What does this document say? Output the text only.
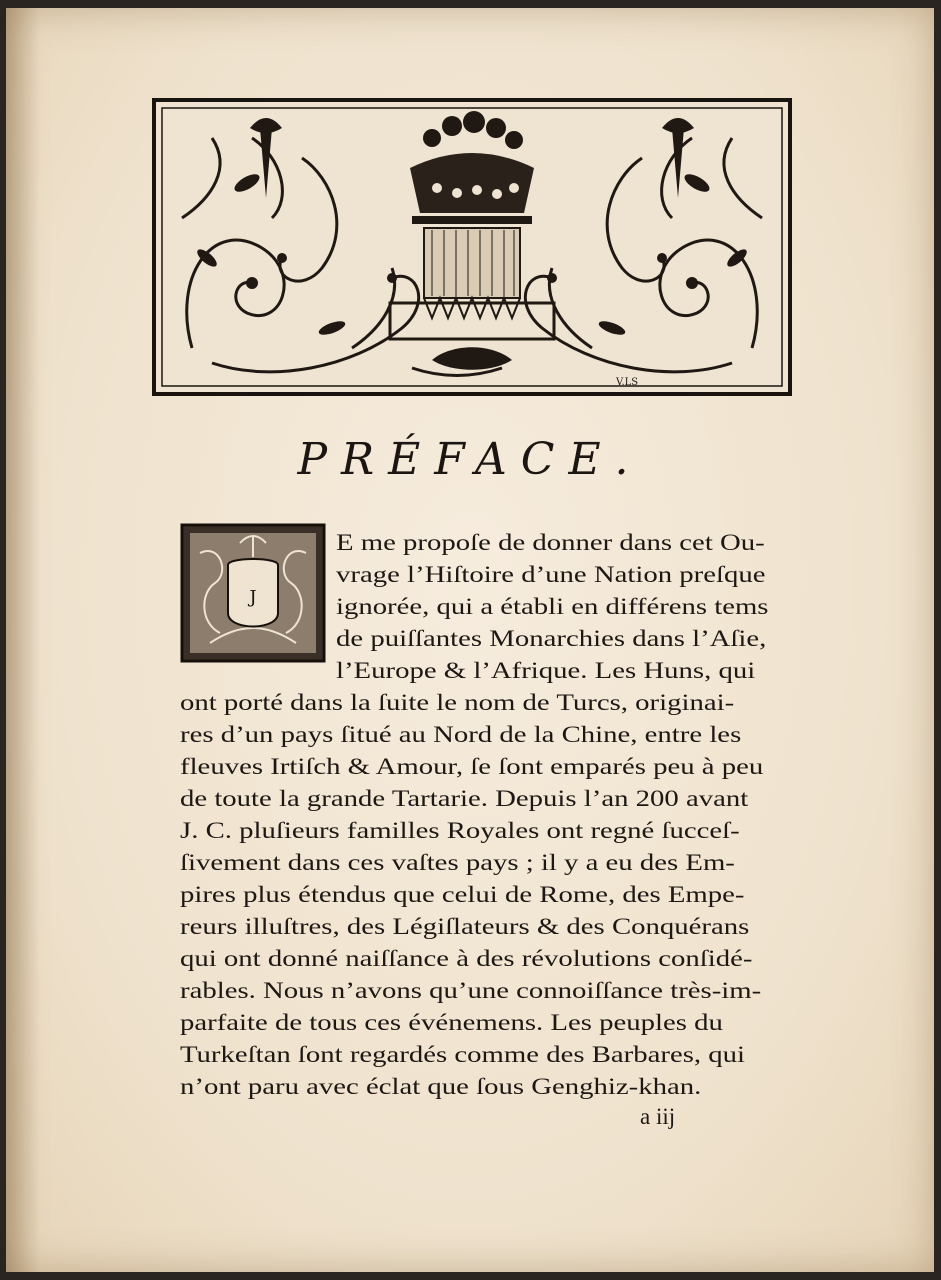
V.LS
PRÉFACE.
J

E me propoſe de donner dans cet Ou-

vrage l’Hiſtoire d’une Nation preſque

ignorée, qui a établi en différens tems

de puiſſantes Monarchies dans l’Aſie,

l’Europe & l’Afrique. Les Huns, qui

ont porté dans la ſuite le nom de Turcs, originai-

res d’un pays ſitué au Nord de la Chine, entre les

fleuves Irtiſch & Amour, ſe ſont emparés peu à peu

de toute la grande Tartarie. Depuis l’an 200 avant

J. C. pluſieurs familles Royales ont regné ſucceſ-

ſivement dans ces vaſtes pays ; il y a eu des Em-

pires plus étendus que celui de Rome, des Empe-

reurs illuſtres, des Légiſlateurs & des Conquérans

qui ont donné naiſſance à des révolutions conſidé-

rables. Nous n’avons qu’une connoiſſance très-im-

parfaite de tous ces événemens. Les peuples du

Turkeſtan ſont regardés comme des Barbares, qui

n’ont paru avec éclat que ſous Genghiz-khan.

a iij
